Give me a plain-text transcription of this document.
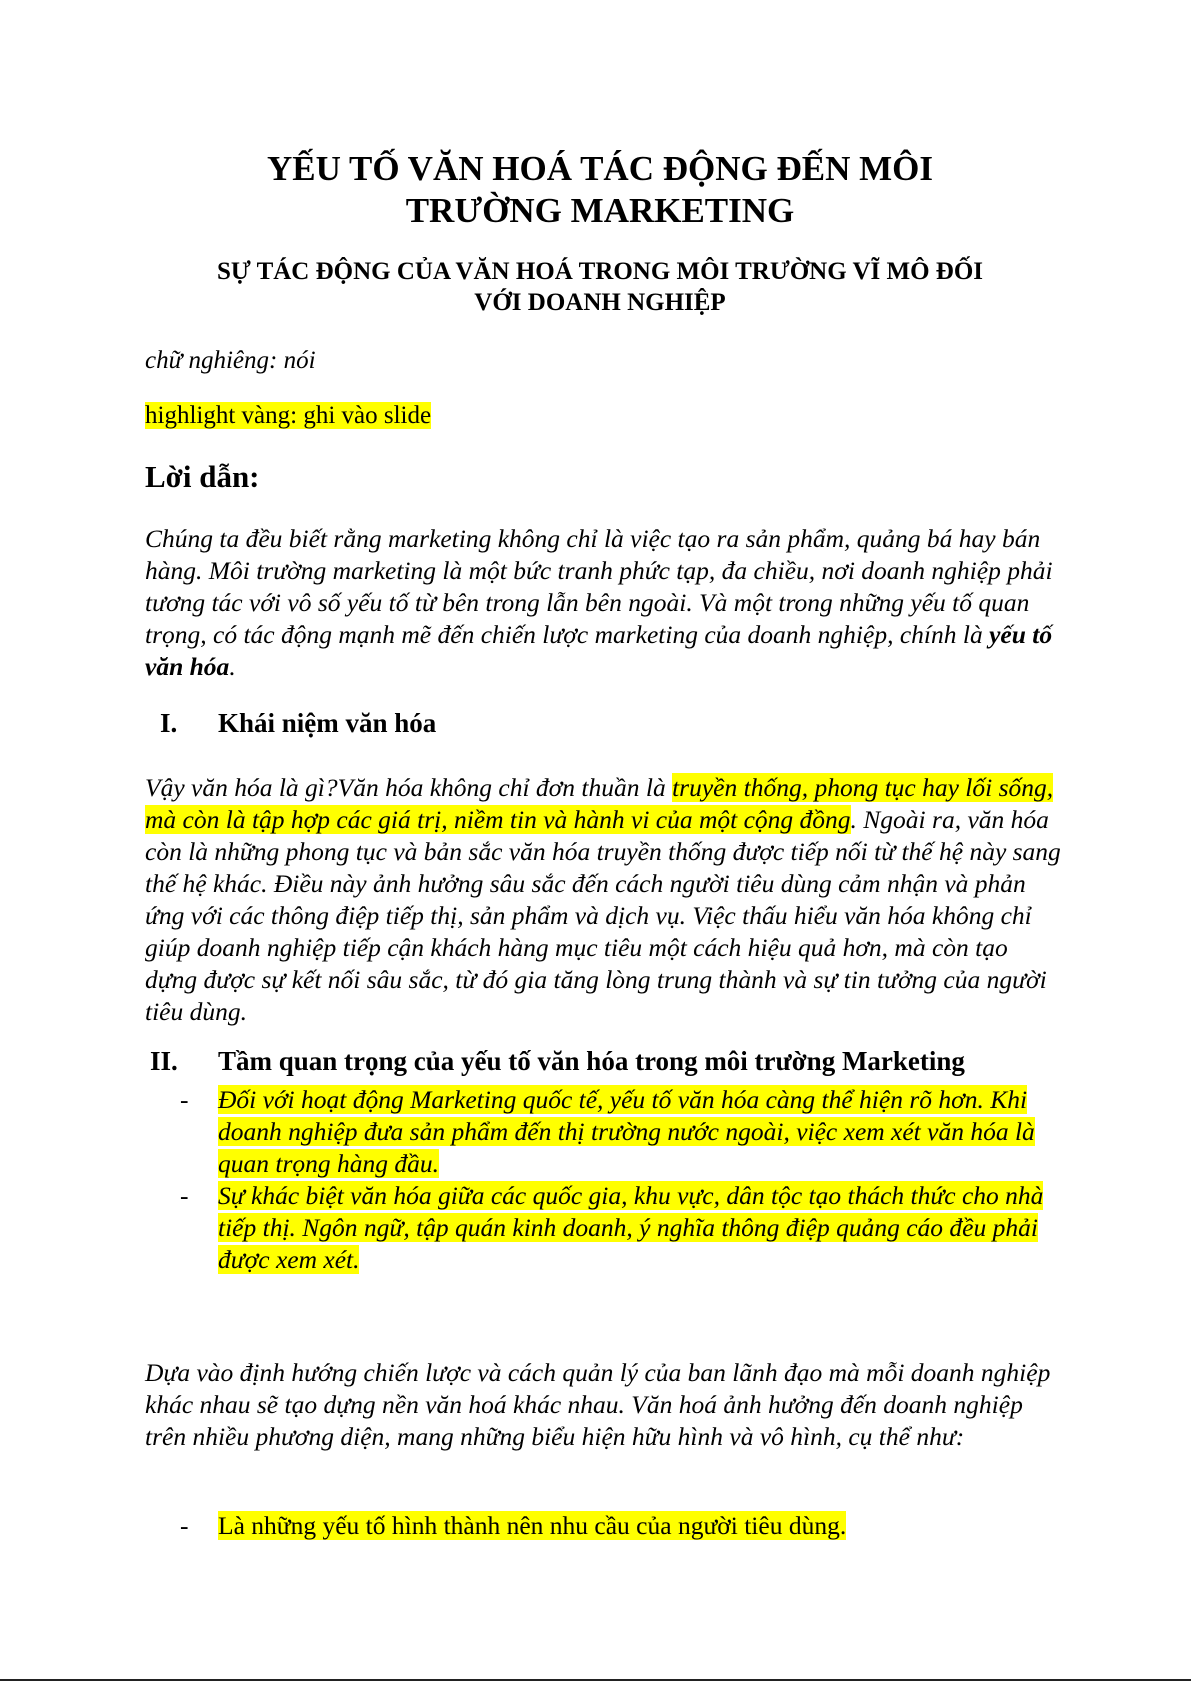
YẾU TỐ VĂN HOÁ TÁC ĐỘNG ĐẾN MÔI
TRƯỜNG MARKETING
SỰ TÁC ĐỘNG CỦA VĂN HOÁ TRONG MÔI TRƯỜNG VĨ MÔ ĐỐI
VỚI DOANH NGHIỆP

chữ nghiêng: nói

highlight vàng: ghi vào slide

Lời dẫn:

Chúng ta đều biết rằng marketing không chỉ là việc tạo ra sản phẩm, quảng bá hay bán hàng. Môi trường marketing là một bức tranh phức tạp, đa chiều, nơi doanh nghiệp phải tương tác với vô số yếu tố từ bên trong lẫn bên ngoài. Và một trong những yếu tố quan trọng, có tác động mạnh mẽ đến chiến lược marketing của doanh nghiệp, chính là yếu tố văn hóa.

I.	Khái niệm văn hóa

Vậy văn hóa là gì?Văn hóa không chỉ đơn thuần là truyền thống, phong tục hay lối sống, mà còn là tập hợp các giá trị, niềm tin và hành vi của một cộng đồng. Ngoài ra, văn hóa còn là những phong tục và bản sắc văn hóa truyền thống được tiếp nối từ thế hệ này sang thế hệ khác. Điều này ảnh hưởng sâu sắc đến cách người tiêu dùng cảm nhận và phản ứng với các thông điệp tiếp thị, sản phẩm và dịch vụ. Việc thấu hiểu văn hóa không chỉ giúp doanh nghiệp tiếp cận khách hàng mục tiêu một cách hiệu quả hơn, mà còn tạo dựng được sự kết nối sâu sắc, từ đó gia tăng lòng trung thành và sự tin tưởng của người tiêu dùng.

II.	Tầm quan trọng của yếu tố văn hóa trong môi trường Marketing
-	Đối với hoạt động Marketing quốc tế, yếu tố văn hóa càng thể hiện rõ hơn. Khi doanh nghiệp đưa sản phẩm đến thị trường nước ngoài, việc xem xét văn hóa là quan trọng hàng đầu.
-	Sự khác biệt văn hóa giữa các quốc gia, khu vực, dân tộc tạo thách thức cho nhà tiếp thị. Ngôn ngữ, tập quán kinh doanh, ý nghĩa thông điệp quảng cáo đều phải được xem xét.

Dựa vào định hướng chiến lược và cách quản lý của ban lãnh đạo mà mỗi doanh nghiệp khác nhau sẽ tạo dựng nền văn hoá khác nhau. Văn hoá ảnh hưởng đến doanh nghiệp trên nhiều phương diện, mang những biểu hiện hữu hình và vô hình, cụ thể như:

-	Là những yếu tố hình thành nên nhu cầu của người tiêu dùng.
